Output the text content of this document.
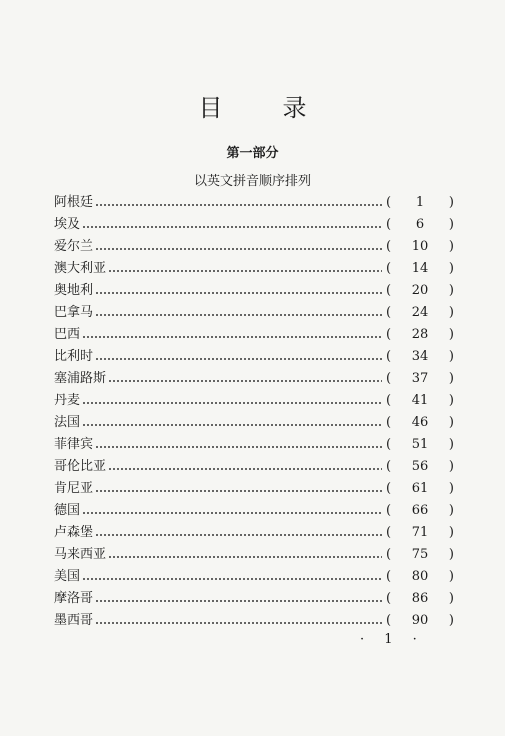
目录
第一部分
以英文拼音顺序排列
阿根廷	(	1	)
埃及	(	6	)
爱尔兰	(	10	)
澳大利亚	(	14	)
奥地利	(	20	)
巴拿马	(	24	)
巴西	(	28	)
比利时	(	34	)
塞浦路斯	(	37	)
丹麦	(	41	)
法国	(	46	)
菲律宾	(	51	)
哥伦比亚	(	56	)
肯尼亚	(	61	)
德国	(	66	)
卢森堡	(	71	)
马来西亚	(	75	)
美国	(	80	)
摩洛哥	(	86	)
墨西哥	(	90	)
· 1 ·
